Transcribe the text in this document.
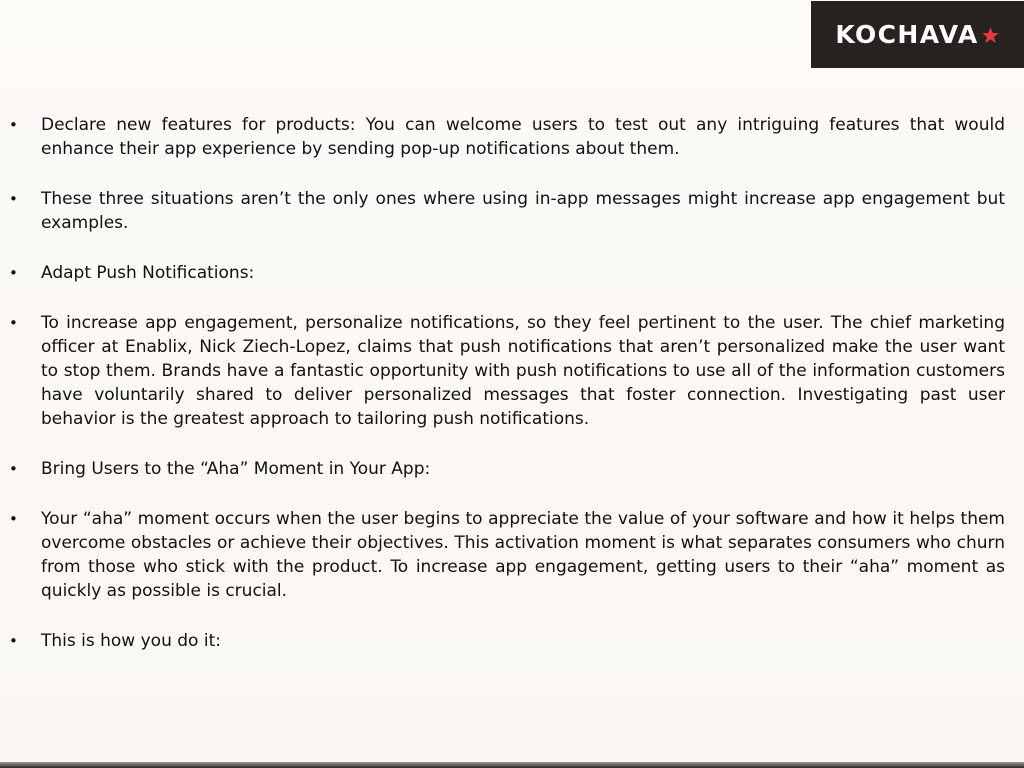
KOCHAVA
• Declare new features for products: You can welcome users to test out any intriguing features that would enhance their app experience by sending pop-up notifications about them.
• These three situations aren’t the only ones where using in-app messages might increase app engagement but examples.
• Adapt Push Notifications:
• To increase app engagement, personalize notifications, so they feel pertinent to the user. The chief marketing officer at Enablix, Nick Ziech-Lopez, claims that push notifications that aren’t personalized make the user want to stop them. Brands have a fantastic opportunity with push notifications to use all of the information customers have voluntarily shared to deliver personalized messages that foster connection. Investigating past user behavior is the greatest approach to tailoring push notifications.
• Bring Users to the “Aha” Moment in Your App:
• Your “aha” moment occurs when the user begins to appreciate the value of your software and how it helps them overcome obstacles or achieve their objectives. This activation moment is what separates consumers who churn from those who stick with the product. To increase app engagement, getting users to their “aha” moment as quickly as possible is crucial.
• This is how you do it:
